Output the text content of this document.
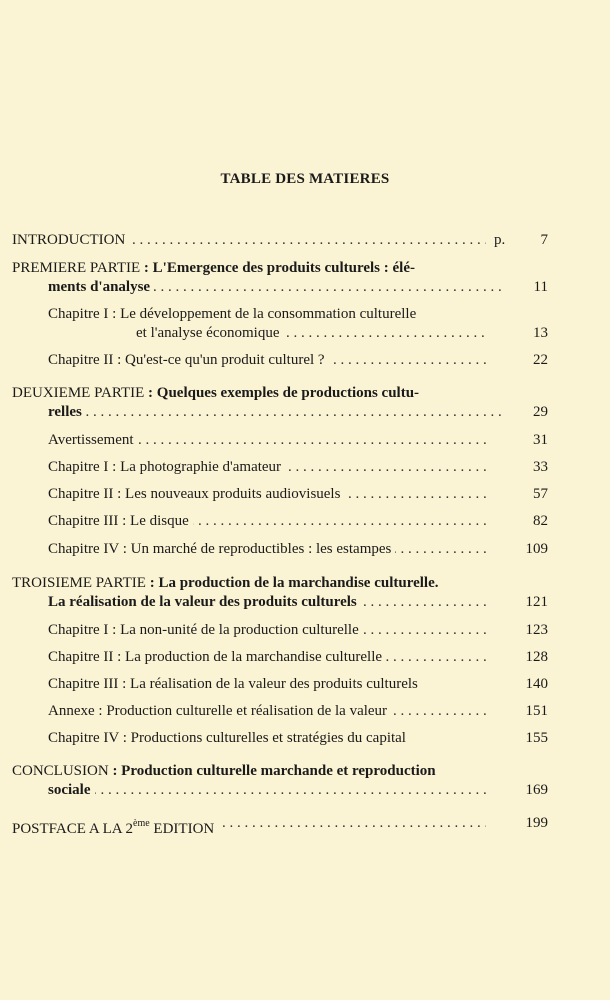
TABLE DES MATIERES
INTRODUCTION . . .	p.	7
PREMIERE PARTIE : L'Emergence des produits culturels : élé-
ments d'analyse . . .	11
Chapitre I : Le développement de la consommation culturelle
et l'analyse économique . . .	13
Chapitre II : Qu'est-ce qu'un produit culturel ? . . .	22
DEUXIEME PARTIE : Quelques exemples de productions cultu-
relles . . .	29
Avertissement . . .	31
Chapitre I : La photographie d'amateur . . .	33
Chapitre II : Les nouveaux produits audiovisuels . . .	57
Chapitre III : Le disque . . .	82
Chapitre IV : Un marché de reproductibles : les estampes . . .	109
TROISIEME PARTIE : La production de la marchandise culturelle.
La réalisation de la valeur des produits culturels . . .	121
Chapitre I : La non-unité de la production culturelle . . .	123
Chapitre II : La production de la marchandise culturelle . . .	128
Chapitre III : La réalisation de la valeur des produits culturels	140
Annexe : Production culturelle et réalisation de la valeur . . .	151
Chapitre IV : Productions culturelles et stratégies du capital	155
CONCLUSION : Production culturelle marchande et reproduction
sociale . . .	169
POSTFACE A LA 2ème EDITION . . .	199
